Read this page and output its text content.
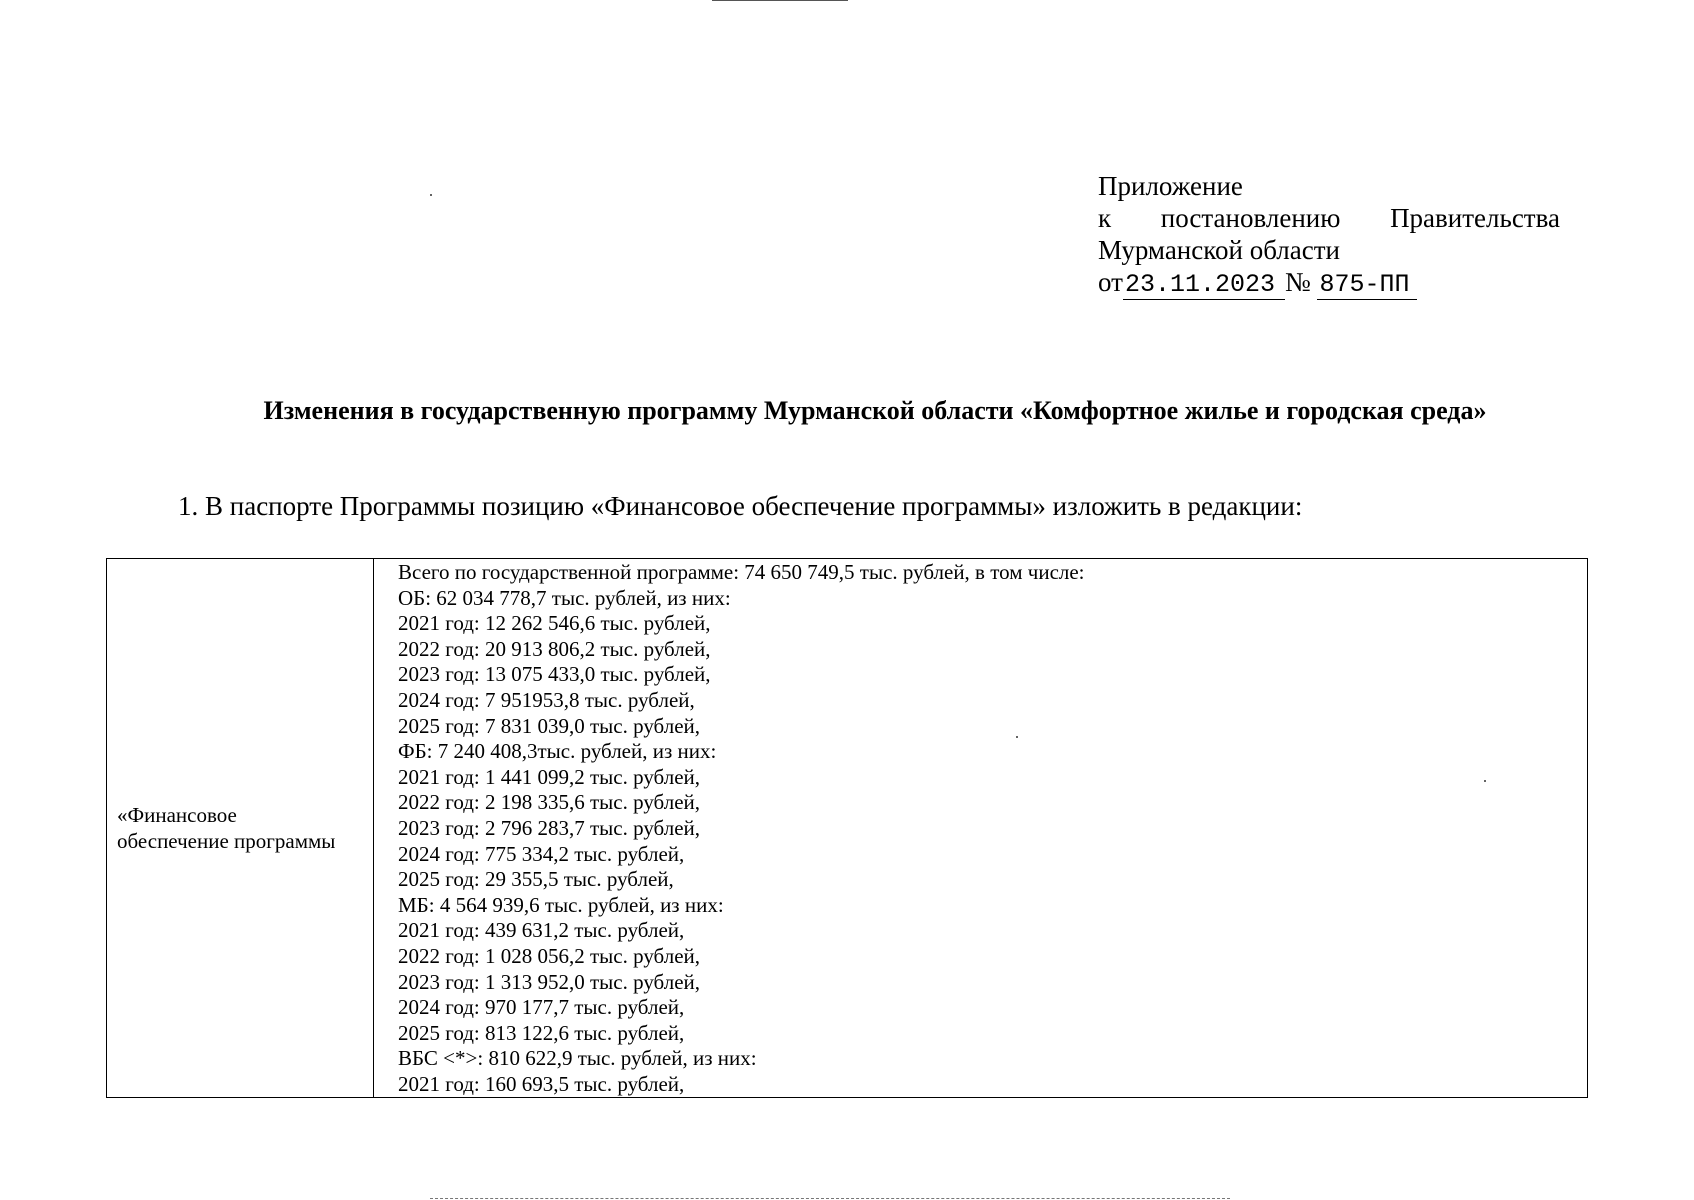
Приложение
к постановлению Правительства
Мурманской области
от23.11.2023 № 875-ПП
Изменения в государственную программу Мурманской области «Комфортное жилье и городская среда»
1. В паспорте Программы позицию «Финансовое обеспечение программы» изложить в редакции:
«Финансовое
обеспечение программы
Всего по государственной программе: 74 650 749,5 тыс. рублей, в том числе:
ОБ: 62 034 778,7 тыс. рублей, из них:
2021 год: 12 262 546,6 тыс. рублей,
2022 год: 20 913 806,2 тыс. рублей,
2023 год: 13 075 433,0 тыс. рублей,
2024 год: 7 951953,8 тыс. рублей,
2025 год: 7 831 039,0 тыс. рублей,
ФБ: 7 240 408,3тыс. рублей, из них:
2021 год: 1 441 099,2 тыс. рублей,
2022 год: 2 198 335,6 тыс. рублей,
2023 год: 2 796 283,7 тыс. рублей,
2024 год: 775 334,2 тыс. рублей,
2025 год: 29 355,5 тыс. рублей,
МБ: 4 564 939,6 тыс. рублей, из них:
2021 год: 439 631,2 тыс. рублей,
2022 год: 1 028 056,2 тыс. рублей,
2023 год: 1 313 952,0 тыс. рублей,
2024 год: 970 177,7 тыс. рублей,
2025 год: 813 122,6 тыс. рублей,
ВБС <*>: 810 622,9 тыс. рублей, из них:
2021 год: 160 693,5 тыс. рублей,
